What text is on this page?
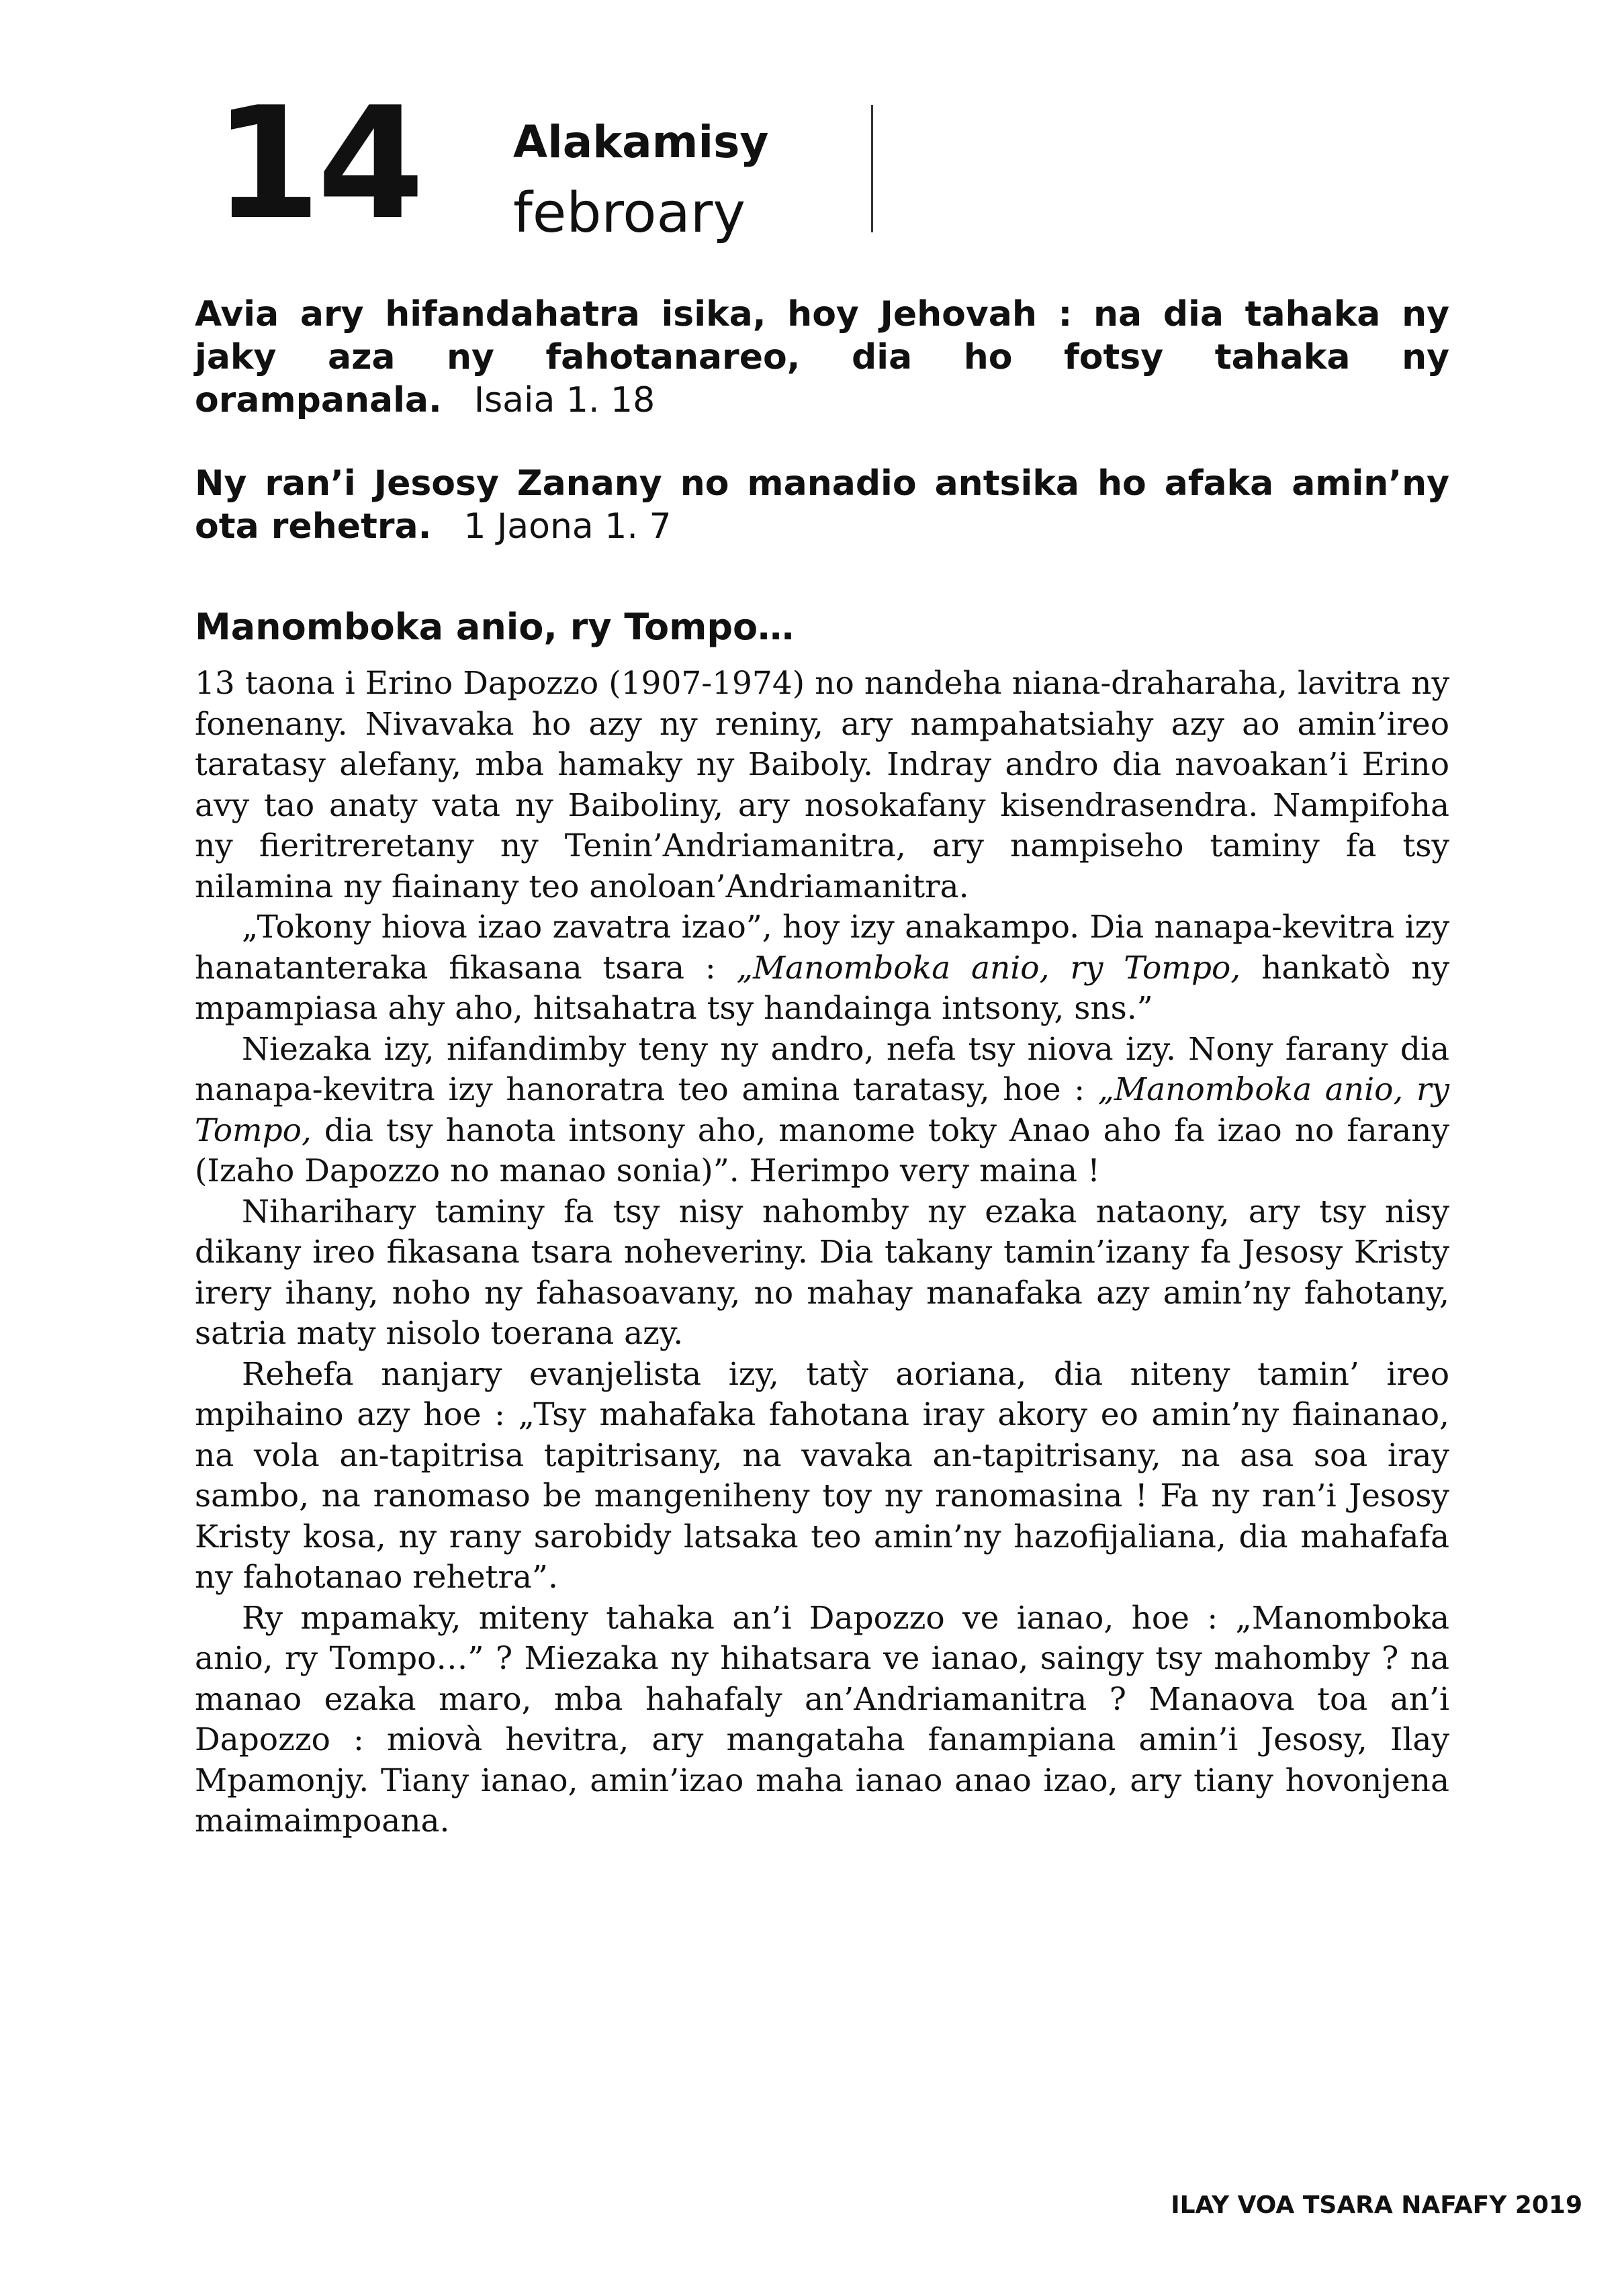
14 Alakamisy
febroary

Avia ary hifandahatra isika, hoy Jehovah : na dia tahaka ny jaky aza ny fahotanareo, dia ho fotsy tahaka ny orampanala. Isaia 1. 18

Ny ran’i Jesosy Zanany no manadio antsika ho afaka amin’ny ota rehetra. 1 Jaona 1. 7

Manomboka anio, ry Tompo…

13 taona i Erino Dapozzo (1907-1974) no nandeha niana-draharaha, lavitra ny fonenany. Nivavaka ho azy ny reniny, ary nampahatsiahy azy ao amin’ireo taratasy alefany, mba hamaky ny Baiboly. Indray andro dia navoakan’i Erino avy tao anaty vata ny Baiboliny, ary nosokafany kisendrasendra. Nampifoha ny fieritreretany ny Tenin’Andriamanitra, ary nampiseho taminy fa tsy nilamina ny fiainany teo anoloan’Andriamanitra.

„Tokony hiova izao zavatra izao”, hoy izy anakampo. Dia nanapa-kevitra izy hanatanteraka fikasana tsara : „Manomboka anio, ry Tompo, hankatò ny mpampiasa ahy aho, hitsahatra tsy handainga intsony, sns.”

Niezaka izy, nifandimby teny ny andro, nefa tsy niova izy. Nony farany dia nanapa-kevitra izy hanoratra teo amina taratasy, hoe : „Manomboka anio, ry Tompo, dia tsy hanota intsony aho, manome toky Anao aho fa izao no farany (Izaho Dapozzo no manao sonia)”. Herimpo very maina !

Niharihary taminy fa tsy nisy nahomby ny ezaka nataony, ary tsy nisy dikany ireo fikasana tsara noheveriny. Dia takany tamin’izany fa Jesosy Kristy irery ihany, noho ny fahasoavany, no mahay manafaka azy amin’ny fahotany, satria maty nisolo toerana azy.

Rehefa nanjary evanjelista izy, tatỳ aoriana, dia niteny tamin’ ireo mpihaino azy hoe : „Tsy mahafaka fahotana iray akory eo amin’ny fiainanao, na vola an-tapitrisa tapitrisany, na vavaka an-tapitrisany, na asa soa iray sambo, na ranomaso be mangeniheny toy ny ranomasina ! Fa ny ran’i Jesosy Kristy kosa, ny rany sarobidy latsaka teo amin’ny hazofijaliana, dia mahafafa ny fahotanao rehetra”.

Ry mpamaky, miteny tahaka an’i Dapozzo ve ianao, hoe : „Manomboka anio, ry Tompo…” ? Miezaka ny hihatsara ve ianao, saingy tsy mahomby ? na manao ezaka maro, mba hahafaly an’Andriamanitra ? Manaova toa an’i Dapozzo : miovà hevitra, ary mangataha fanampiana amin’i Jesosy, Ilay Mpamonjy. Tiany ianao, amin’izao maha ianao anao izao, ary tiany hovonjena maimaimpoana.

ILAY VOA TSARA NAFAFY 2019
